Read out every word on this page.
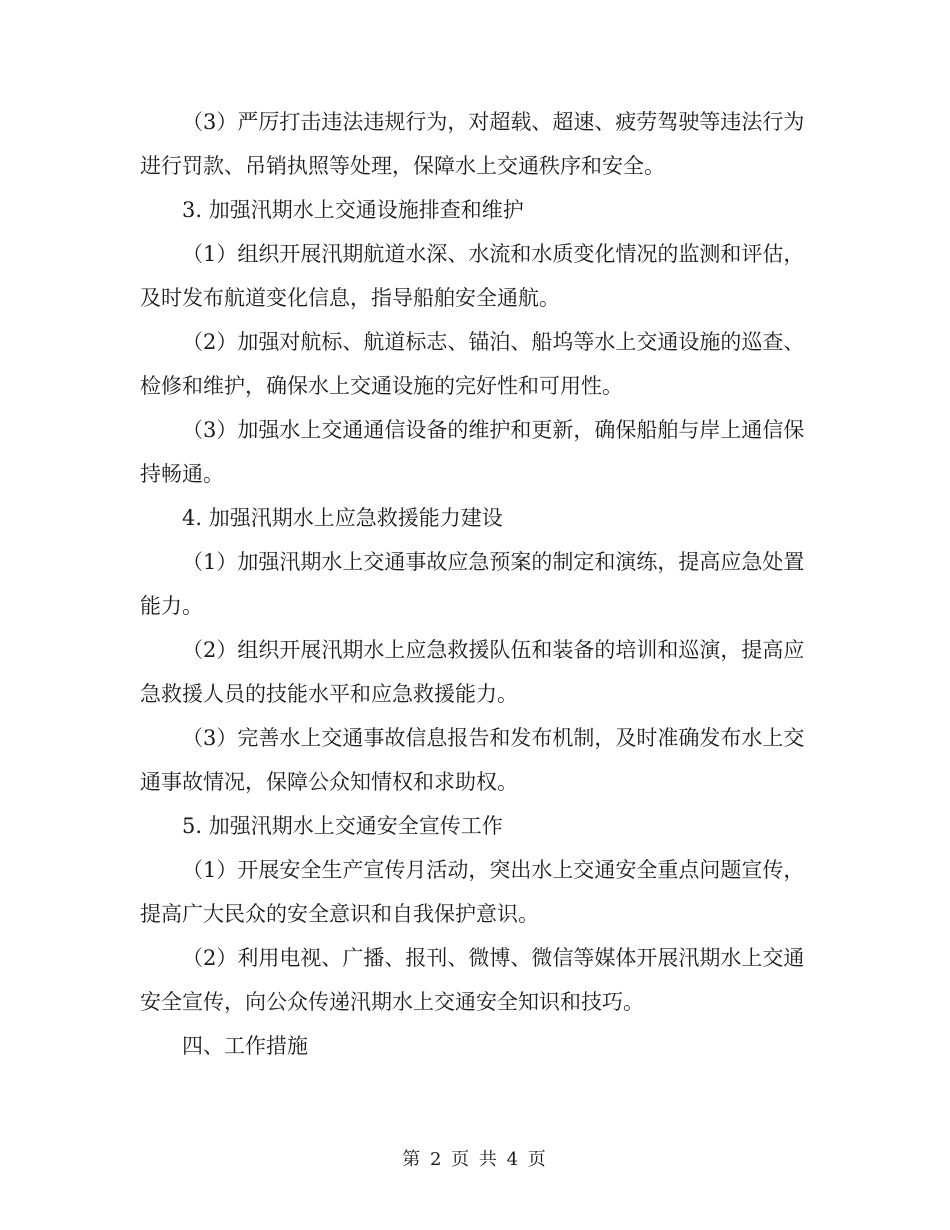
（3）严厉打击违法违规行为，对超载、超速、疲劳驾驶等违法行为进行罚款、吊销执照等处理，保障水上交通秩序和安全。

3. 加强汛期水上交通设施排查和维护

（1）组织开展汛期航道水深、水流和水质变化情况的监测和评估，及时发布航道变化信息，指导船舶安全通航。

（2）加强对航标、航道标志、锚泊、船坞等水上交通设施的巡查、检修和维护，确保水上交通设施的完好性和可用性。

（3）加强水上交通通信设备的维护和更新，确保船舶与岸上通信保持畅通。

4. 加强汛期水上应急救援能力建设

（1）加强汛期水上交通事故应急预案的制定和演练，提高应急处置能力。

（2）组织开展汛期水上应急救援队伍和装备的培训和巡演，提高应急救援人员的技能水平和应急救援能力。

（3）完善水上交通事故信息报告和发布机制，及时准确发布水上交通事故情况，保障公众知情权和求助权。

5. 加强汛期水上交通安全宣传工作

（1）开展安全生产宣传月活动，突出水上交通安全重点问题宣传，提高广大民众的安全意识和自我保护意识。

（2）利用电视、广播、报刊、微博、微信等媒体开展汛期水上交通安全宣传，向公众传递汛期水上交通安全知识和技巧。

四、工作措施

第 2 页 共 4 页
